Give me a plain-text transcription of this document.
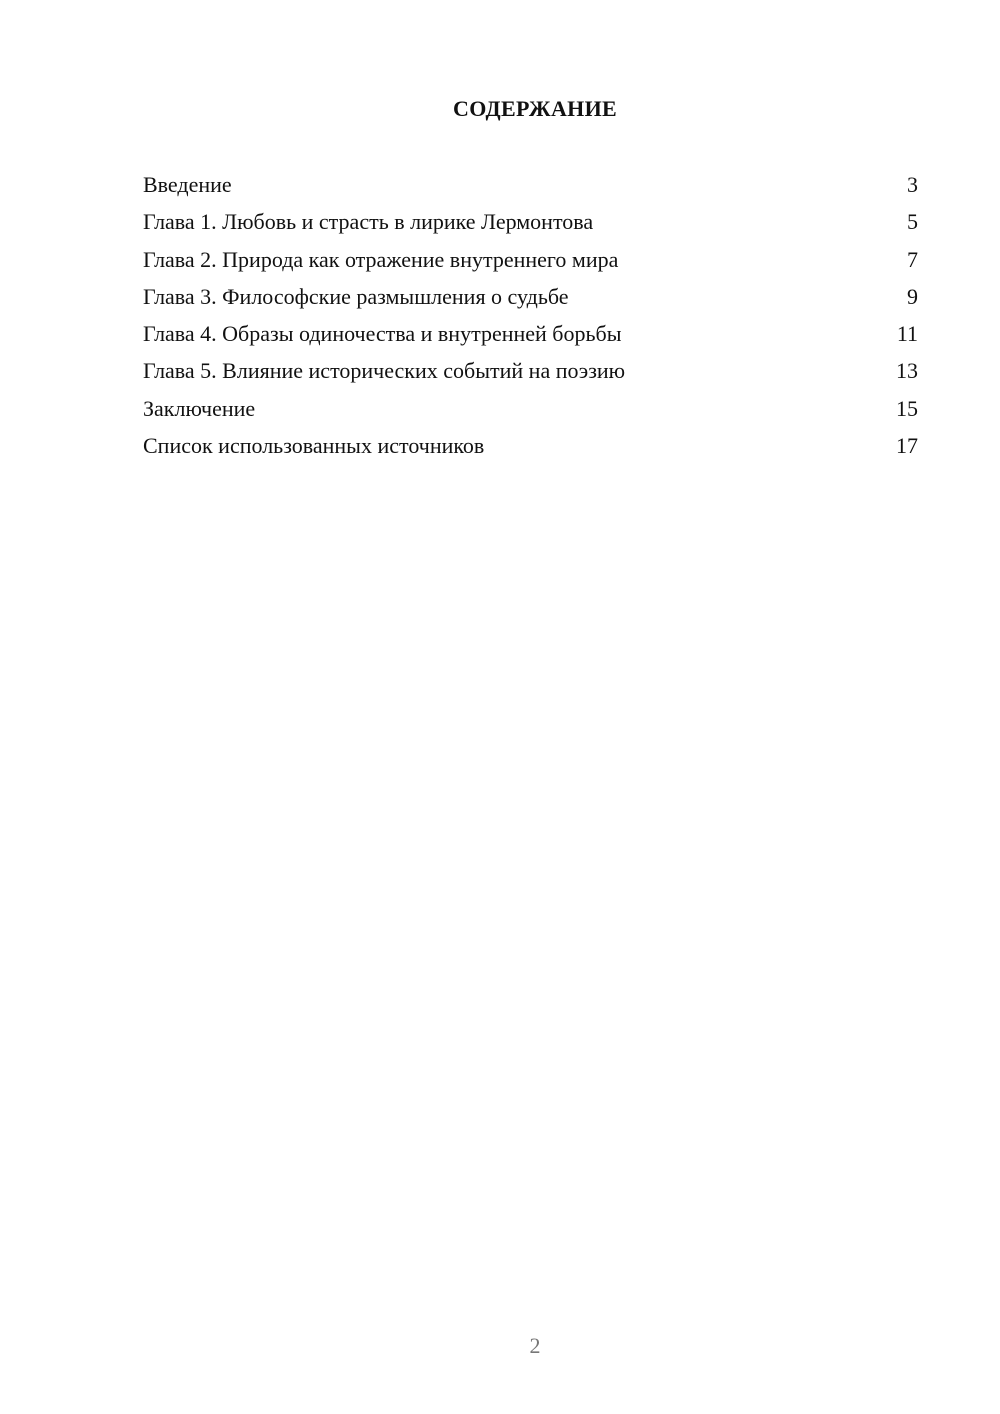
СОДЕРЖАНИЕ
Введение	3
Глава 1. Любовь и страсть в лирике Лермонтова	5
Глава 2. Природа как отражение внутреннего мира	7
Глава 3. Философские размышления о судьбе	9
Глава 4. Образы одиночества и внутренней борьбы	11
Глава 5. Влияние исторических событий на поэзию	13
Заключение	15
Список использованных источников	17
2
